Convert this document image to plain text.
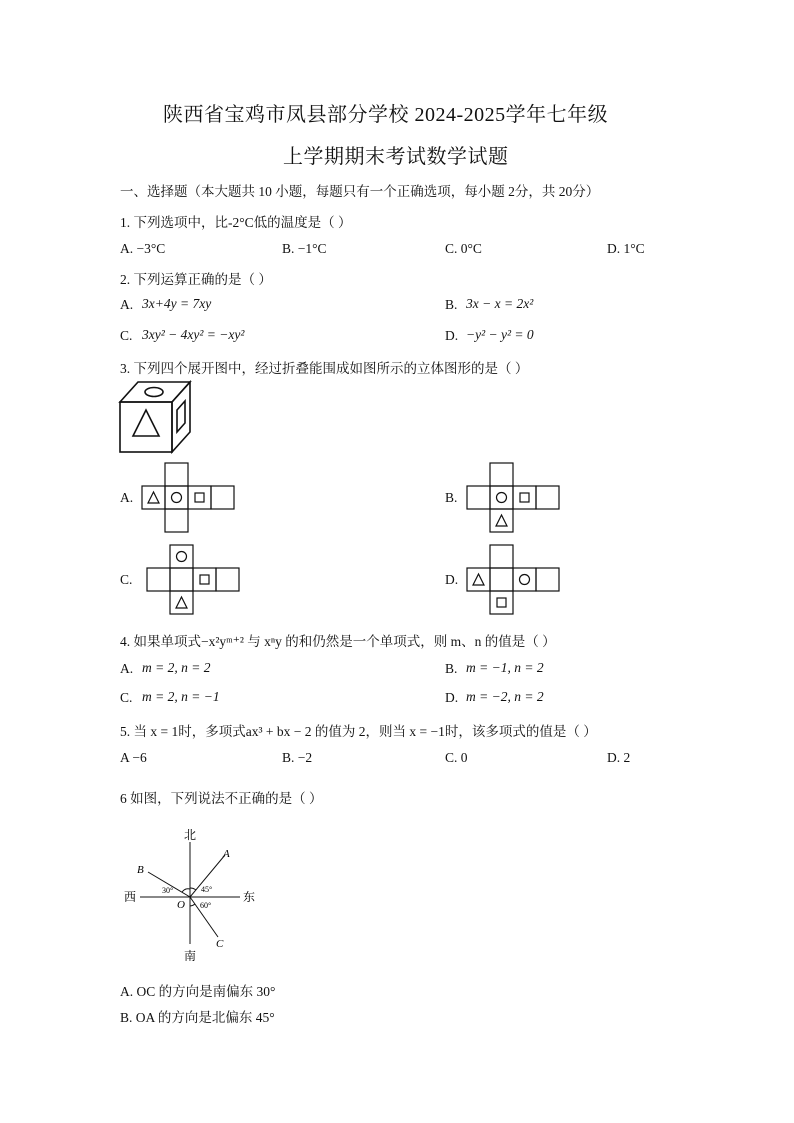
陕西省宝鸡市凤县部分学校 2024-2025学年七年级
上学期期末考试数学试题
一、选择题（本大题共 10 小题，每题只有一个正确选项，每小题 2分，共 20分）
1. 下列选项中，比-2°C低的温度是（ ）
A. −3°C	B. −1°C	C. 0°C	D. 1°C
2. 下列运算正确的是（ ）
A. 3x+4y = 7xy	B. 3x − x = 2x²
C. 3xy² − 4xy² = −xy²	D. −y² − y² = 0
3. 下列四个展开图中，经过折叠能围成如图所示的立体图形的是（ ）
A.	B.
C.	D.
4. 如果单项式−x²yᵐ⁺² 与 xⁿy 的和仍然是一个单项式，则 m、n 的值是（ ）
A. m = 2, n = 2	B. m = −1, n = 2
C. m = 2, n = −1	D. m = −2, n = 2
5. 当 x = 1时，多项式ax³ + bx − 2 的值为 2，则当 x = −1时，该多项式的值是（ ）
A −6	B. −2	C. 0	D. 2
6 如图，下列说法不正确的是（ ）
北
南
西	东
A
B
C
O
30°	45°
60°
A. OC 的方向是南偏东 30°
B. OA 的方向是北偏东 45°
